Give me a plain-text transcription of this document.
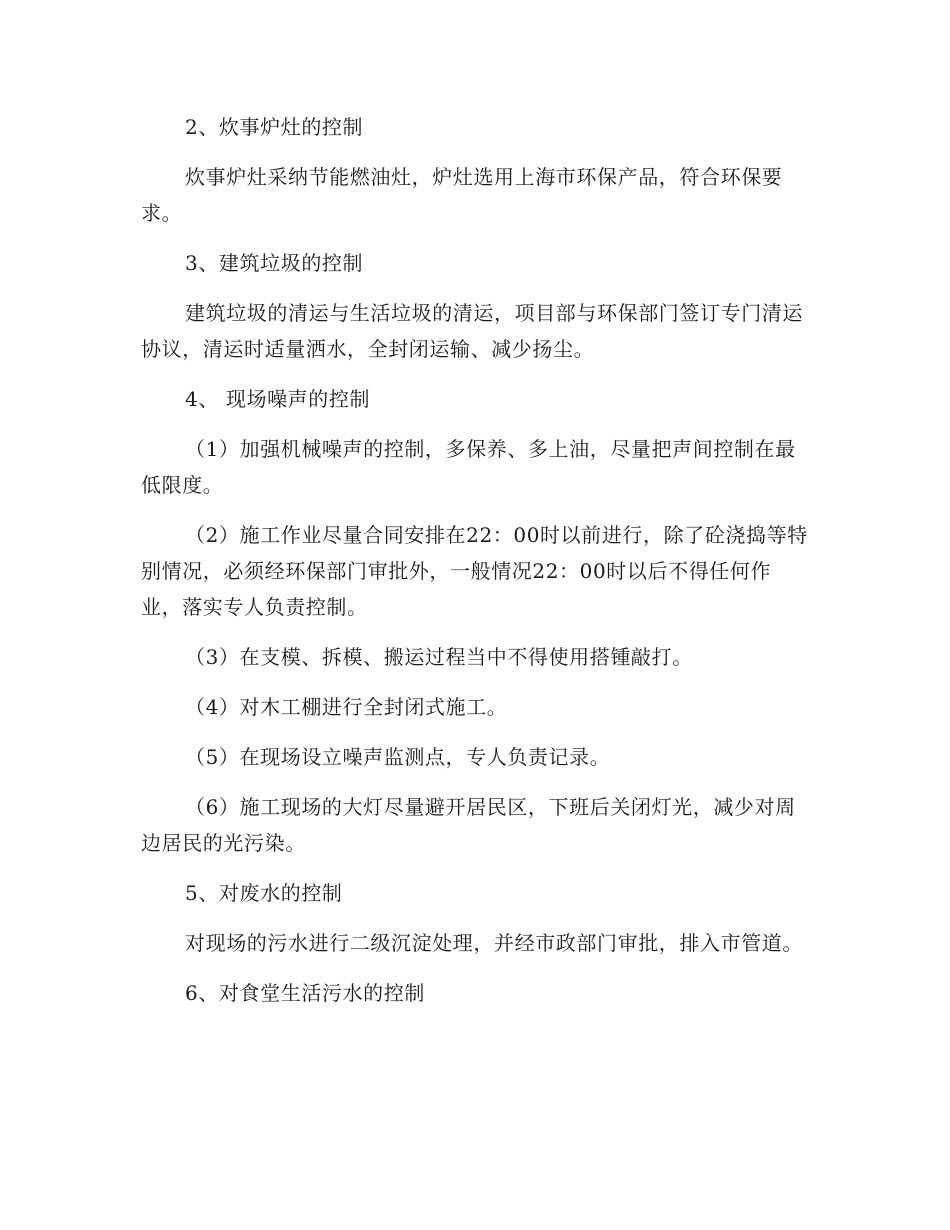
2、炊事炉灶的控制

炊事炉灶采纳节能燃油灶，炉灶选用上海市环保产品，符合环保要求。

3、建筑垃圾的控制

建筑垃圾的清运与生活垃圾的清运，项目部与环保部门签订专门清运协议，清运时适量洒水，全封闭运输、减少扬尘。

4、 现场噪声的控制

（1）加强机械噪声的控制，多保养、多上油，尽量把声间控制在最低限度。

（2）施工作业尽量合同安排在22：00时以前进行，除了砼浇捣等特别情况，必须经环保部门审批外，一般情况22：00时以后不得任何作业，落实专人负责控制。

（3）在支模、拆模、搬运过程当中不得使用搭锺敲打。

（4）对木工棚进行全封闭式施工。

（5）在现场设立噪声监测点，专人负责记录。

（6）施工现场的大灯尽量避开居民区，下班后关闭灯光，减少对周边居民的光污染。

5、对废水的控制

对现场的污水进行二级沉淀处理，并经市政部门审批，排入市管道。

6、对食堂生活污水的控制
